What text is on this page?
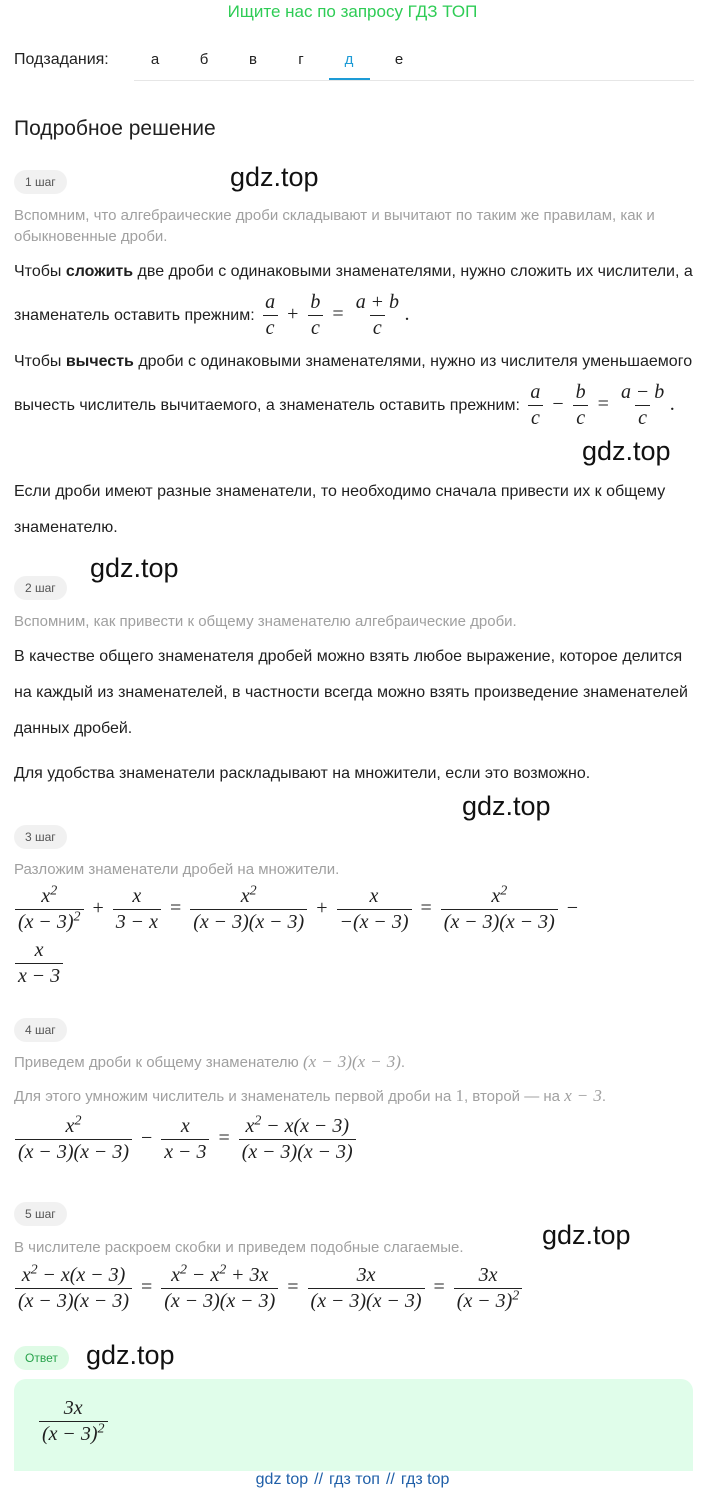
Ищите нас по запросу ГДЗ ТОП
Подзадания:	а	б	в	г	д	е
Подробное решение
1 шаг	gdz.top
Вспомним, что алгебраические дроби складывают и вычитают по таким же правилам, как и обыкновенные дроби.
Чтобы сложить две дроби с одинаковыми знаменателями, нужно сложить их числители, а знаменатель оставить прежним: $\frac{a}{c} + \frac{b}{c} = \frac{a + b}{c}$ .
Чтобы вычесть дроби с одинаковыми знаменателями, нужно из числителя уменьшаемого вычесть числитель вычитаемого, а знаменатель оставить прежним: $\frac{a}{c} - \frac{b}{c} = \frac{a - b}{c}$ .
gdz.top
Если дроби имеют разные знаменатели, то необходимо сначала привести их к общему знаменателю.
2 шаг
gdz.top
Вспомним, как привести к общему знаменателю алгебраические дроби.
В качестве общего знаменателя дробей можно взять любое выражение, которое делится на каждый из знаменателей, в частности всегда можно взять произведение знаменателей данных дробей.
Для удобства знаменатели раскладывают на множители, если это возможно.
gdz.top
3 шаг
Разложим знаменатели дробей на множители.
$\frac{x^2}{(x - 3)^2} + \frac{x}{3 - x} = \frac{x^2}{(x - 3)(x - 3)} + \frac{x}{-(x - 3)} = \frac{x^2}{(x - 3)(x - 3)}$ −
$\frac{x}{x - 3}$
4 шаг
Приведем дроби к общему знаменателю (x − 3)(x − 3).
Для этого умножим числитель и знаменатель первой дроби на 1, второй — на x − 3.
$\frac{x^2}{(x - 3)(x - 3)} - \frac{x}{x - 3} = \frac{x^2 - x(x - 3)}{(x - 3)(x - 3)}$
5 шаг
gdz.top
В числителе раскроем скобки и приведем подобные слагаемые.
$\frac{x^2 - x(x - 3)}{(x - 3)(x - 3)} = \frac{x^2 - x^2 + 3x}{(x - 3)(x - 3)} = \frac{3x}{(x - 3)(x - 3)} = \frac{3x}{(x - 3)^2}$
Ответ	gdz.top
$\frac{3x}{(x - 3)^2}$
gdz top // гдз топ // гдз top
